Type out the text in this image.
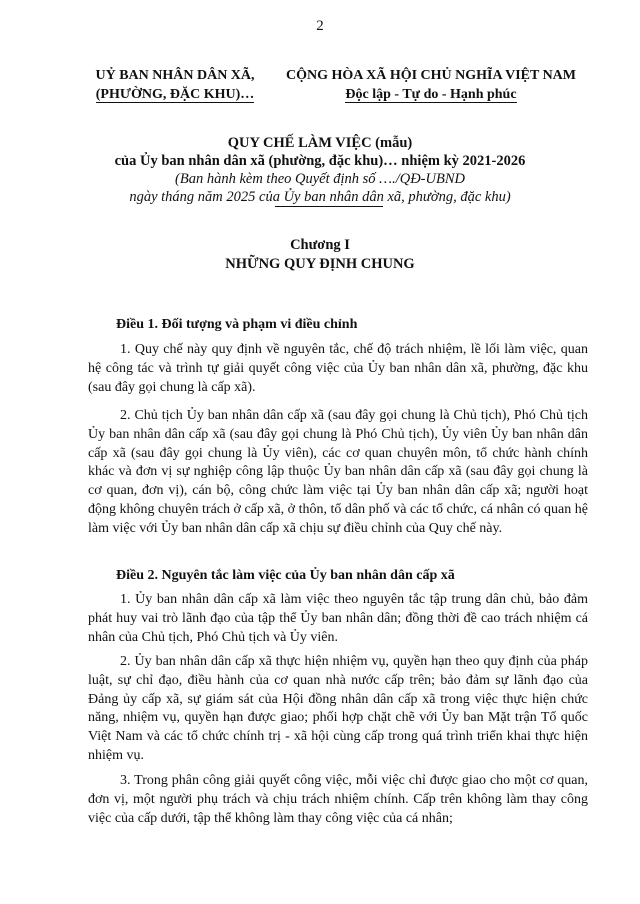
2
UỶ BAN NHÂN DÂN XÃ,
(PHƯỜNG, ĐẶC KHU)…
CỘNG HÒA XÃ HỘI CHỦ NGHĨA VIỆT NAM
Độc lập - Tự do - Hạnh phúc
QUY CHẾ LÀM VIỆC (mẫu)
của Ủy ban nhân dân xã (phường, đặc khu)… nhiệm kỳ 2021-2026
(Ban hành kèm theo Quyết định số …./QĐ-UBND
ngày tháng năm 2025 của Ủy ban nhân dân xã, phường, đặc khu)
Chương I
NHỮNG QUY ĐỊNH CHUNG

Điều 1. Đối tượng và phạm vi điều chỉnh

1. Quy chế này quy định về nguyên tắc, chế độ trách nhiệm, lề lối làm việc, quan hệ công tác và trình tự giải quyết công việc của Ủy ban nhân dân xã, phường, đặc khu (sau đây gọi chung là cấp xã).

2. Chủ tịch Ủy ban nhân dân cấp xã (sau đây gọi chung là Chủ tịch), Phó Chủ tịch Ủy ban nhân dân cấp xã (sau đây gọi chung là Phó Chủ tịch), Ủy viên Ủy ban nhân dân cấp xã (sau đây gọi chung là Ủy viên), các cơ quan chuyên môn, tổ chức hành chính khác và đơn vị sự nghiệp công lập thuộc Ủy ban nhân dân cấp xã (sau đây gọi chung là cơ quan, đơn vị), cán bộ, công chức làm việc tại Ủy ban nhân dân cấp xã; người hoạt động không chuyên trách ở cấp xã, ở thôn, tổ dân phố và các tổ chức, cá nhân có quan hệ làm việc với Ủy ban nhân dân cấp xã chịu sự điều chỉnh của Quy chế này.

Điều 2. Nguyên tắc làm việc của Ủy ban nhân dân cấp xã

1. Ủy ban nhân dân cấp xã làm việc theo nguyên tắc tập trung dân chủ, bảo đảm phát huy vai trò lãnh đạo của tập thể Ủy ban nhân dân; đồng thời đề cao trách nhiệm cá nhân của Chủ tịch, Phó Chủ tịch và Ủy viên.

2. Ủy ban nhân dân cấp xã thực hiện nhiệm vụ, quyền hạn theo quy định của pháp luật, sự chỉ đạo, điều hành của cơ quan nhà nước cấp trên; bảo đảm sự lãnh đạo của Đảng ủy cấp xã, sự giám sát của Hội đồng nhân dân cấp xã trong việc thực hiện chức năng, nhiệm vụ, quyền hạn được giao; phối hợp chặt chẽ với Ủy ban Mặt trận Tổ quốc Việt Nam và các tổ chức chính trị - xã hội cùng cấp trong quá trình triển khai thực hiện nhiệm vụ.

3. Trong phân công giải quyết công việc, mỗi việc chỉ được giao cho một cơ quan, đơn vị, một người phụ trách và chịu trách nhiệm chính. Cấp trên không làm thay công việc của cấp dưới, tập thể không làm thay công việc của cá nhân;
